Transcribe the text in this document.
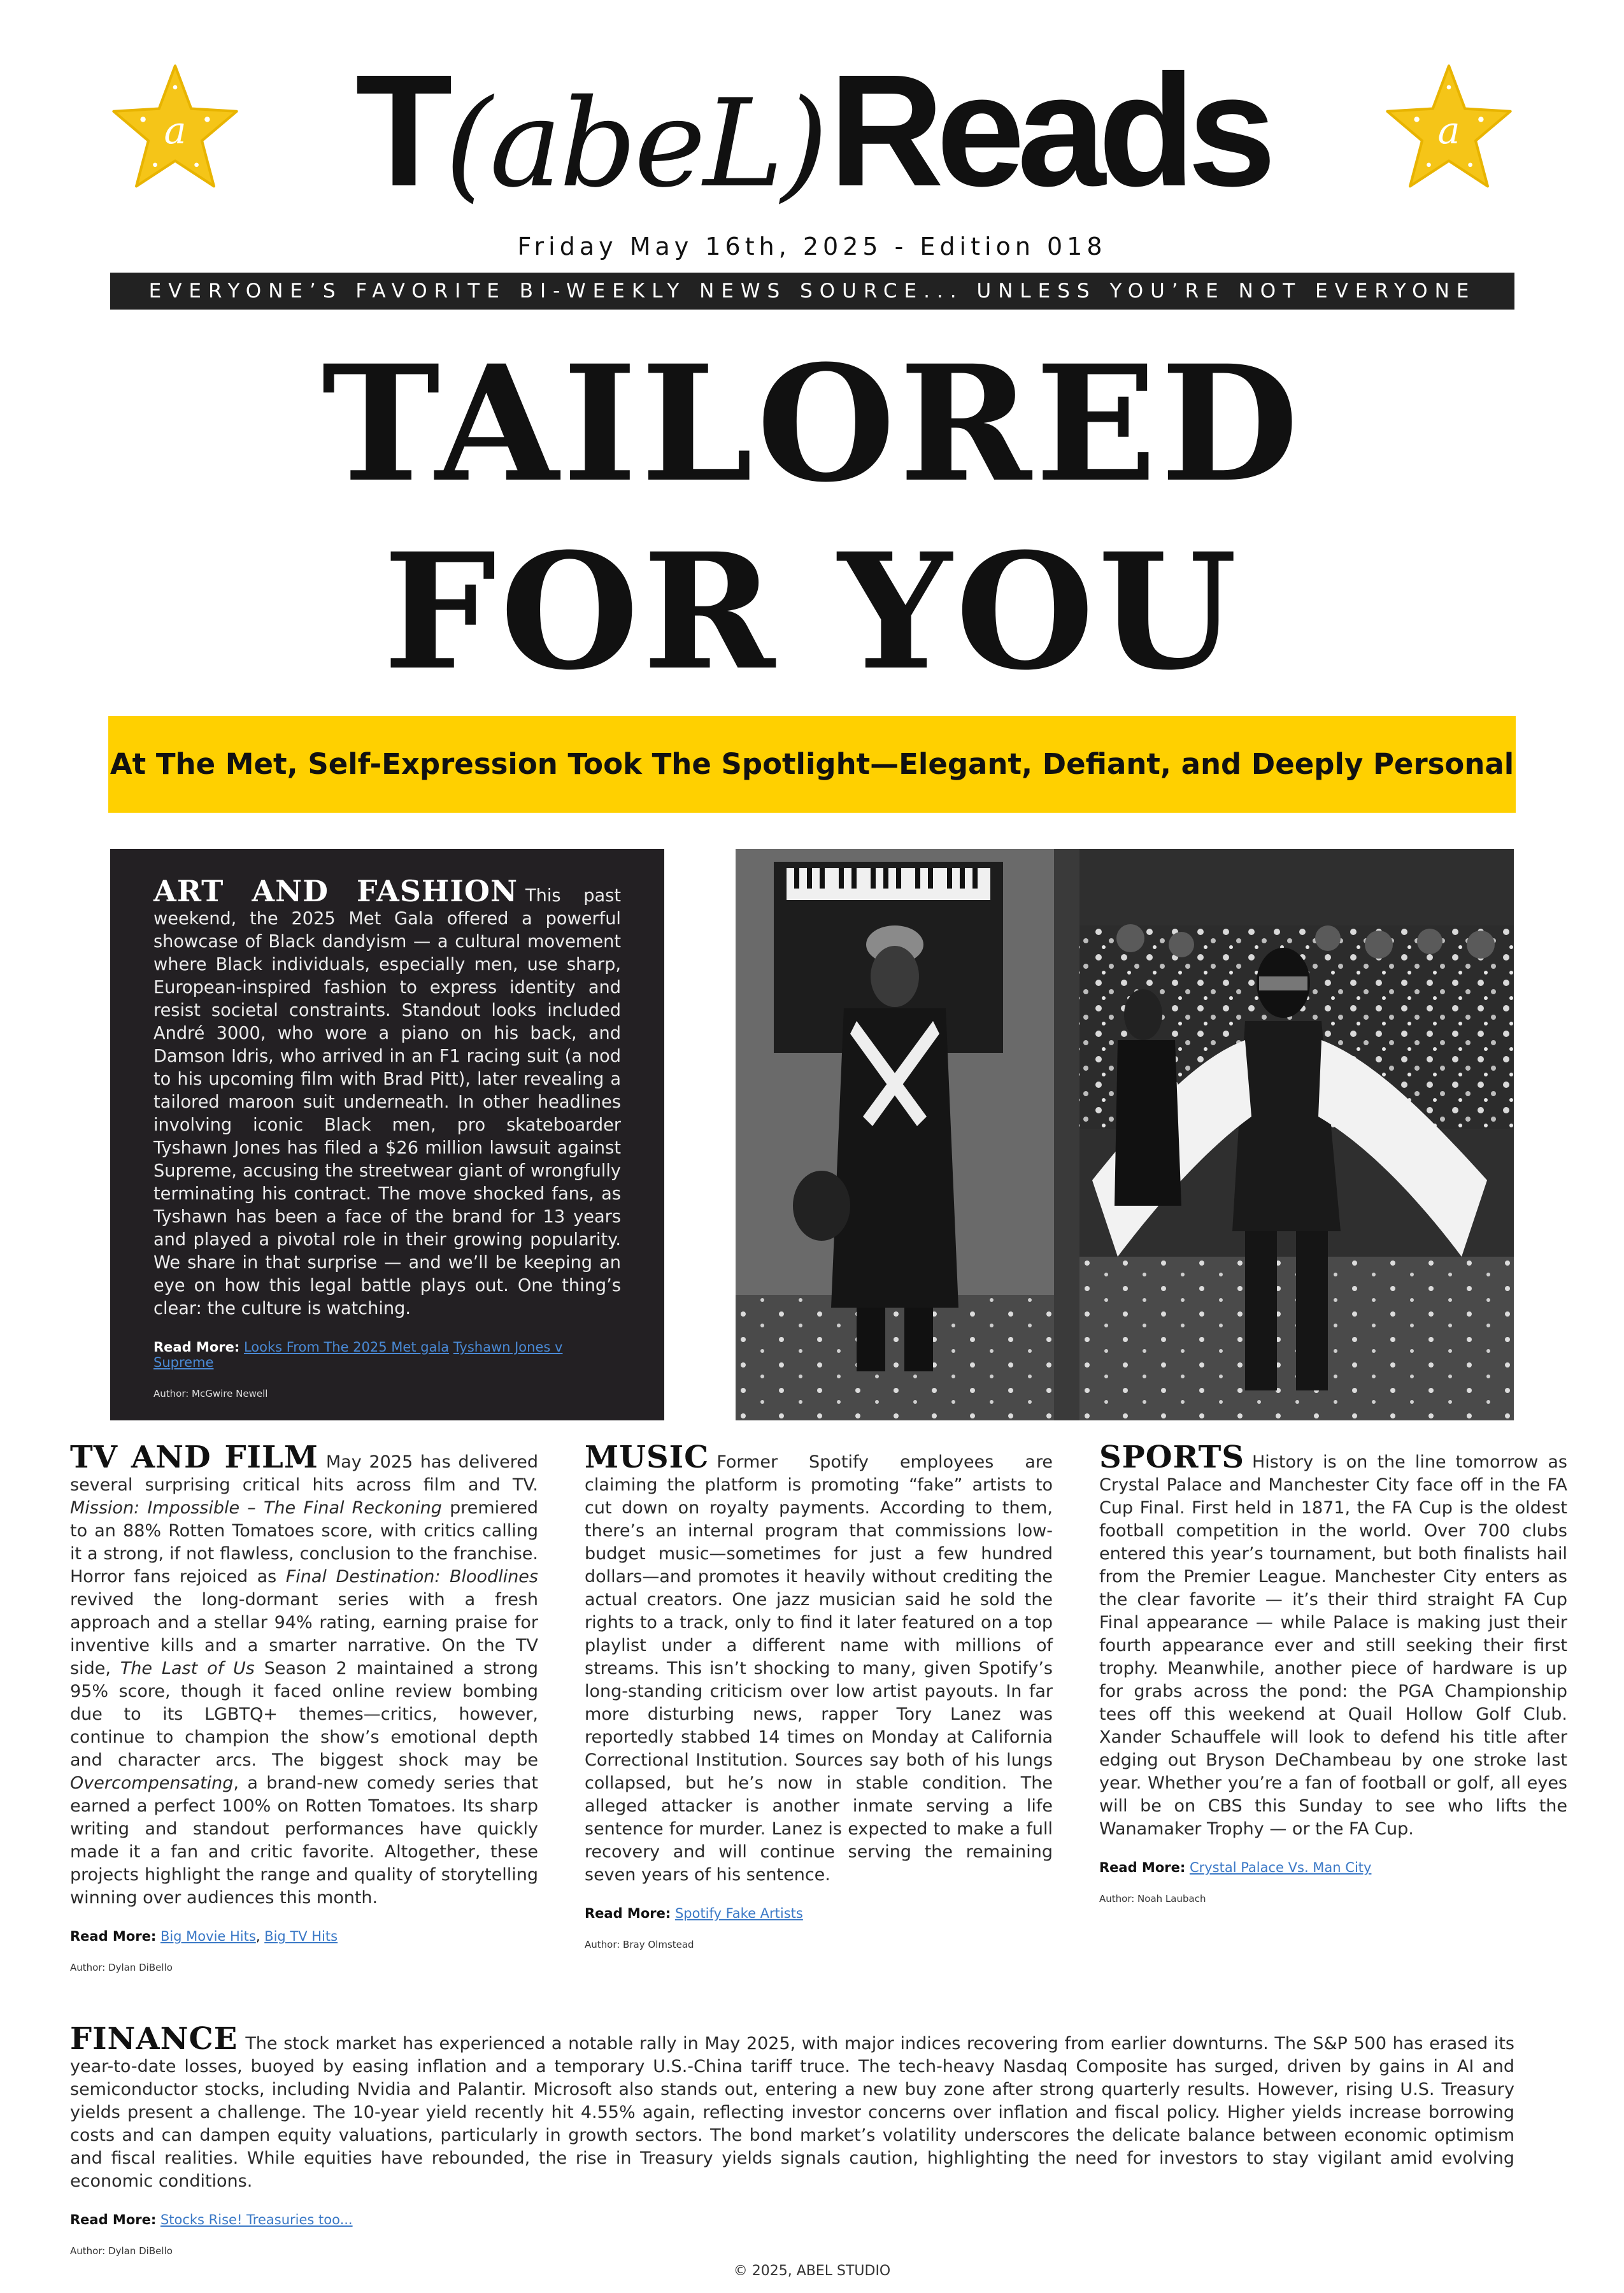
a	a
T(abeL) Reads
Friday May 16th, 2025 - Edition 018
EVERYONE’S FAVORITE BI-WEEKLY NEWS SOURCE... UNLESS YOU’RE NOT EVERYONE
TAILORED
FOR YOU
At The Met, Self-Expression Took The Spotlight—Elegant, Defiant, and Deeply Personal
ART AND FASHION This past weekend, the 2025 Met Gala offered a powerful showcase of Black dandyism — a cultural movement where Black individuals, especially men, use sharp, European-inspired fashion to express identity and resist societal constraints. Standout looks included André 3000, who wore a piano on his back, and Damson Idris, who arrived in an F1 racing suit (a nod to his upcoming film with Brad Pitt), later revealing a tailored maroon suit underneath. In other headlines involving iconic Black men, pro skateboarder Tyshawn Jones has filed a $26 million lawsuit against Supreme, accusing the streetwear giant of wrongfully terminating his contract. The move shocked fans, as Tyshawn has been a face of the brand for 13 years and played a pivotal role in their growing popularity. We share in that surprise — and we’ll be keeping an eye on how this legal battle plays out. One thing’s clear: the culture is watching.
Read More: Looks From The 2025 Met gala Tyshawn Jones v Supreme
Author: McGwire Newell
TV AND FILM May 2025 has delivered several surprising critical hits across film and TV. Mission: Impossible – The Final Reckoning premiered to an 88% Rotten Tomatoes score, with critics calling it a strong, if not flawless, conclusion to the franchise. Horror fans rejoiced as Final Destination: Bloodlines revived the long-dormant series with a fresh approach and a stellar 94% rating, earning praise for inventive kills and a smarter narrative. On the TV side, The Last of Us Season 2 maintained a strong 95% score, though it faced online review bombing due to its LGBTQ+ themes—critics, however, continue to champion the show’s emotional depth and character arcs. The biggest shock may be Overcompensating, a brand-new comedy series that earned a perfect 100% on Rotten Tomatoes. Its sharp writing and standout performances have quickly made it a fan and critic favorite. Altogether, these projects highlight the range and quality of storytelling winning over audiences this month.
Read More: Big Movie Hits, Big TV Hits
Author: Dylan DiBello
MUSIC Former Spotify employees are claiming the platform is promoting “fake” artists to cut down on royalty payments. According to them, there’s an internal program that commissions low-budget music—sometimes for just a few hundred dollars—and promotes it heavily without crediting the actual creators. One jazz musician said he sold the rights to a track, only to find it later featured on a top playlist under a different name with millions of streams. This isn’t shocking to many, given Spotify’s long-standing criticism over low artist payouts. In far more disturbing news, rapper Tory Lanez was reportedly stabbed 14 times on Monday at California Correctional Institution. Sources say both of his lungs collapsed, but he’s now in stable condition. The alleged attacker is another inmate serving a life sentence for murder. Lanez is expected to make a full recovery and will continue serving the remaining seven years of his sentence.
Read More: Spotify Fake Artists
Author: Bray Olmstead
SPORTS History is on the line tomorrow as Crystal Palace and Manchester City face off in the FA Cup Final. First held in 1871, the FA Cup is the oldest football competition in the world. Over 700 clubs entered this year’s tournament, but both finalists hail from the Premier League. Manchester City enters as the clear favorite — it’s their third straight FA Cup Final appearance — while Palace is making just their fourth appearance ever and still seeking their first trophy. Meanwhile, another piece of hardware is up for grabs across the pond: the PGA Championship tees off this weekend at Quail Hollow Golf Club. Xander Schauffele will look to defend his title after edging out Bryson DeChambeau by one stroke last year. Whether you’re a fan of football or golf, all eyes will be on CBS this Sunday to see who lifts the Wanamaker Trophy — or the FA Cup.
Read More: Crystal Palace Vs. Man City
Author: Noah Laubach
FINANCE The stock market has experienced a notable rally in May 2025, with major indices recovering from earlier downturns. The S&P 500 has erased its year-to-date losses, buoyed by easing inflation and a temporary U.S.-China tariff truce. The tech-heavy Nasdaq Composite has surged, driven by gains in AI and semiconductor stocks, including Nvidia and Palantir. Microsoft also stands out, entering a new buy zone after strong quarterly results. However, rising U.S. Treasury yields present a challenge. The 10-year yield recently hit 4.55% again, reflecting investor concerns over inflation and fiscal policy. Higher yields increase borrowing costs and can dampen equity valuations, particularly in growth sectors. The bond market’s volatility underscores the delicate balance between economic optimism and fiscal realities. While equities have rebounded, the rise in Treasury yields signals caution, highlighting the need for investors to stay vigilant amid evolving economic conditions.
Read More: Stocks Rise! Treasuries too...
Author: Dylan DiBello
© 2025, ABEL STUDIO
